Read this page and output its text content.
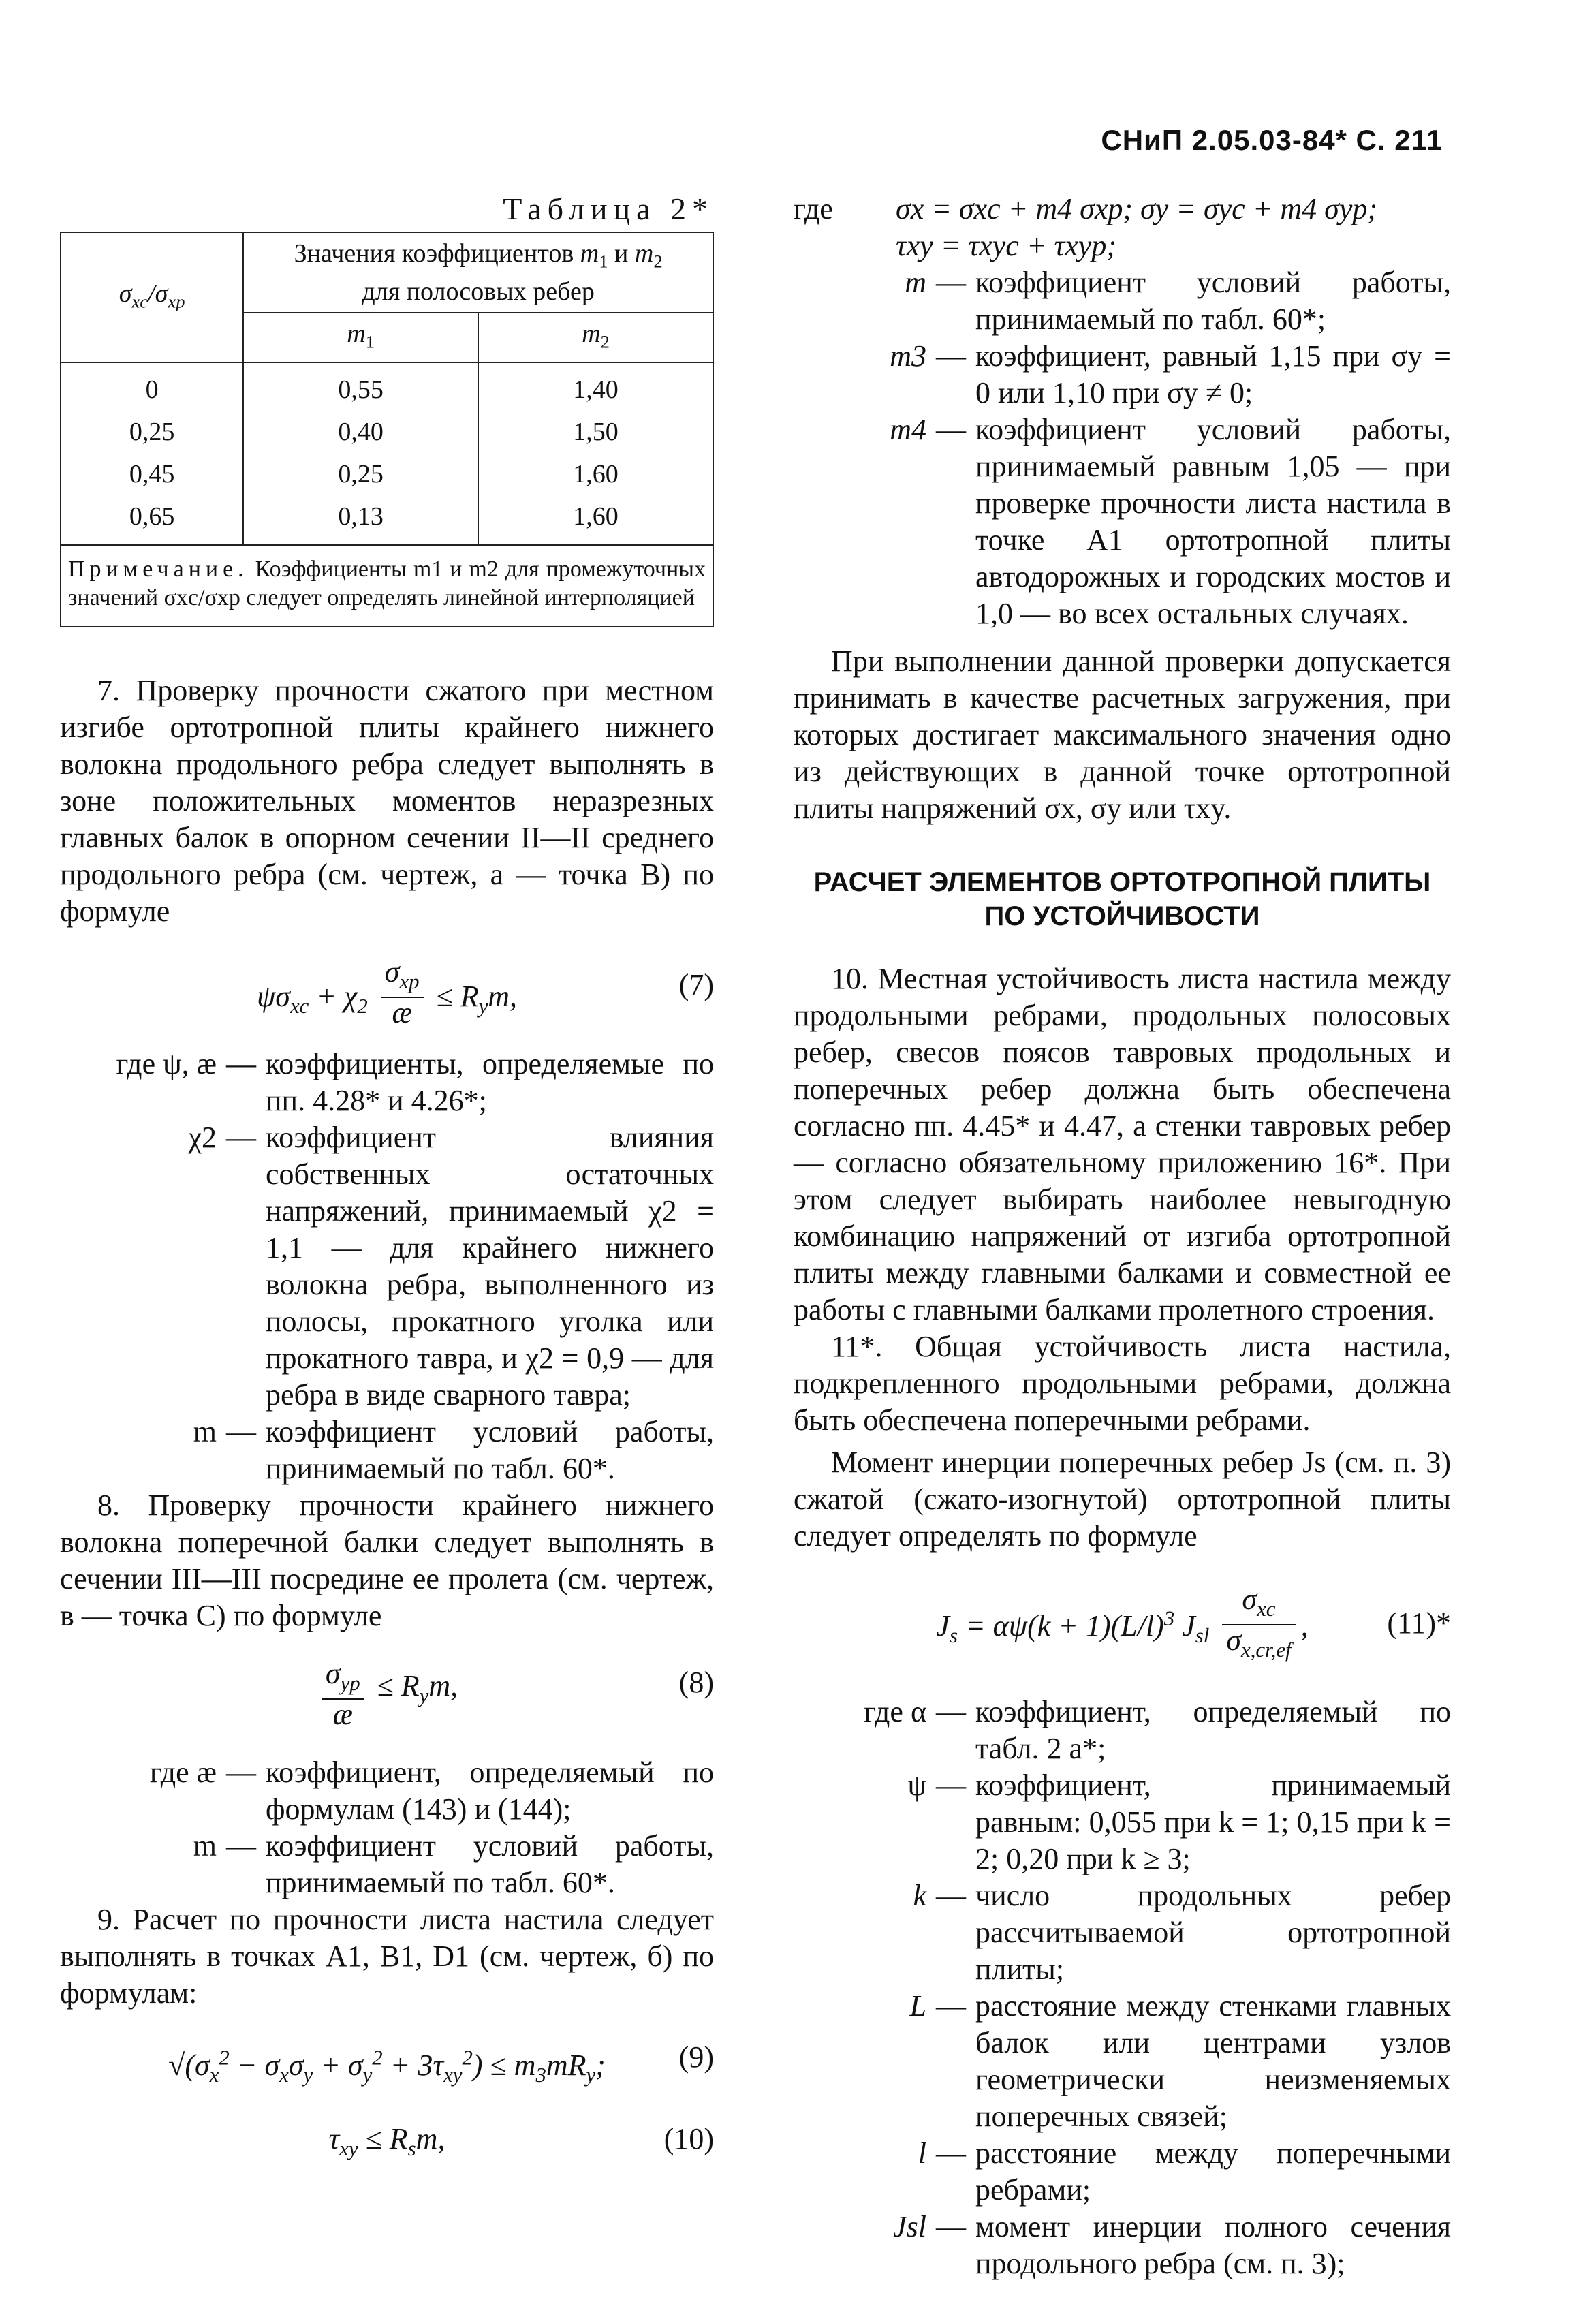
СНиП 2.05.03-84* С. 211
Таблица 2*
$\sigma_{xc}/\sigma_{xp}$	Значения коэффициентов $m_1$ и $m_2$
для полосовых ребер	
	$m_1$	$m_2$
0	0,55	1,40
0,25	0,40	1,50
0,45	0,25	1,60
0,65	0,13	1,60
Примечание. Коэффициенты m1 и m2 для промежуточных значений σxc/σxp следует определять линейной интерполяцией

7. Проверку прочности сжатого при местном изгибе ортотропной плиты крайнего нижнего волокна продольного ребра следует выполнять в зоне положительных моментов неразрезных главных балок в опорном сечении II—II среднего продольного ребра (см. чертеж, а — точка B) по формуле

$\psi\sigma_{xc} + \chi_2 \frac{\sigma_{xp}}{æ} \le R_ym$,	(7)
где ψ, æ — коэффициенты, определяемые по пп. 4.28* и 4.26*;
χ2 — коэффициент влияния собственных остаточных напряжений, принимаемый χ2 = 1,1 — для крайнего нижнего волокна ребра, выполненного из полосы, прокатного уголка или прокатного тавра, и χ2 = 0,9 — для ребра в виде сварного тавра;
m — коэффициент условий работы, принимаемый по табл. 60*.

8. Проверку прочности крайнего нижнего волокна поперечной балки следует выполнять в сечении III—III посредине ее пролета (см. чертеж, в — точка C) по формуле

$\frac{\sigma_{yp}}{æ} \le R_ym$,	(8)
где æ — коэффициент, определяемый по формулам (143) и (144);
m — коэффициент условий работы, принимаемый по табл. 60*.

9. Расчет по прочности листа настила следует выполнять в точках A1, B1, D1 (см. чертеж, б) по формулам:

$√(\sigma_x^2 - \sigma_x\sigma_y + \sigma_y^2 + 3\tau_{xy}^2) \le m_3mR_y$; (9)
$\tau_{xy} \le R_sm$,	(10)
где	σx = σxc + m4 σxp; σy = σyc + m4 σyp;
τxy = τxyc + τxyp;
m — коэффициент условий работы, принимаемый по табл. 60*;
m3 — коэффициент, равный 1,15 при σy = 0 или 1,10 при σy ≠ 0;
m4 — коэффициент условий работы, принимаемый равным 1,05 — при проверке прочности листа настила в точке A1 ортотропной плиты автодорожных и городских мостов и 1,0 — во всех остальных случаях.

При выполнении данной проверки допускается принимать в качестве расчетных загружения, при которых достигает максимального значения одно из действующих в данной точке ортотропной плиты напряжений σx, σy или τxy.

РАСЧЕТ ЭЛЕМЕНТОВ ОРТОТРОПНОЙ ПЛИТЫ ПО УСТОЙЧИВОСТИ

10. Местная устойчивость листа настила между продольными ребрами, продольных полосовых ребер, свесов поясов тавровых продольных и поперечных ребер должна быть обеспечена согласно пп. 4.45* и 4.47, а стенки тавровых ребер — согласно обязательному приложению 16*. При этом следует выбирать наиболее невыгодную комбинацию напряжений от изгиба ортотропной плиты между главными балками и совместной ее работы с главными балками пролетного строения.

11*. Общая устойчивость листа настила, подкрепленного продольными ребрами, должна быть обеспечена поперечными ребрами.

Момент инерции поперечных ребер Js (см. п. 3) сжатой (сжато-изогнутой) ортотропной плиты следует определять по формуле

$J_s = \alpha\psi(k + 1)(L/l)^3$ $J_{sl} \frac{\sigma_{xc}}{\sigma_{x,cr,ef}}$ ,	(11)*
где α — коэффициент, определяемый по табл. 2 а*;
ψ — коэффициент, принимаемый равным: 0,055 при k = 1; 0,15 при k = 2; 0,20 при k ≥ 3;
k — число продольных ребер рассчитываемой ортотропной плиты;
L — расстояние между стенками главных балок или центрами узлов геометрически неизменяемых поперечных связей;
l — расстояние между поперечными ребрами;
Jsl — момент инерции полного сечения продольного ребра (см. п. 3);
